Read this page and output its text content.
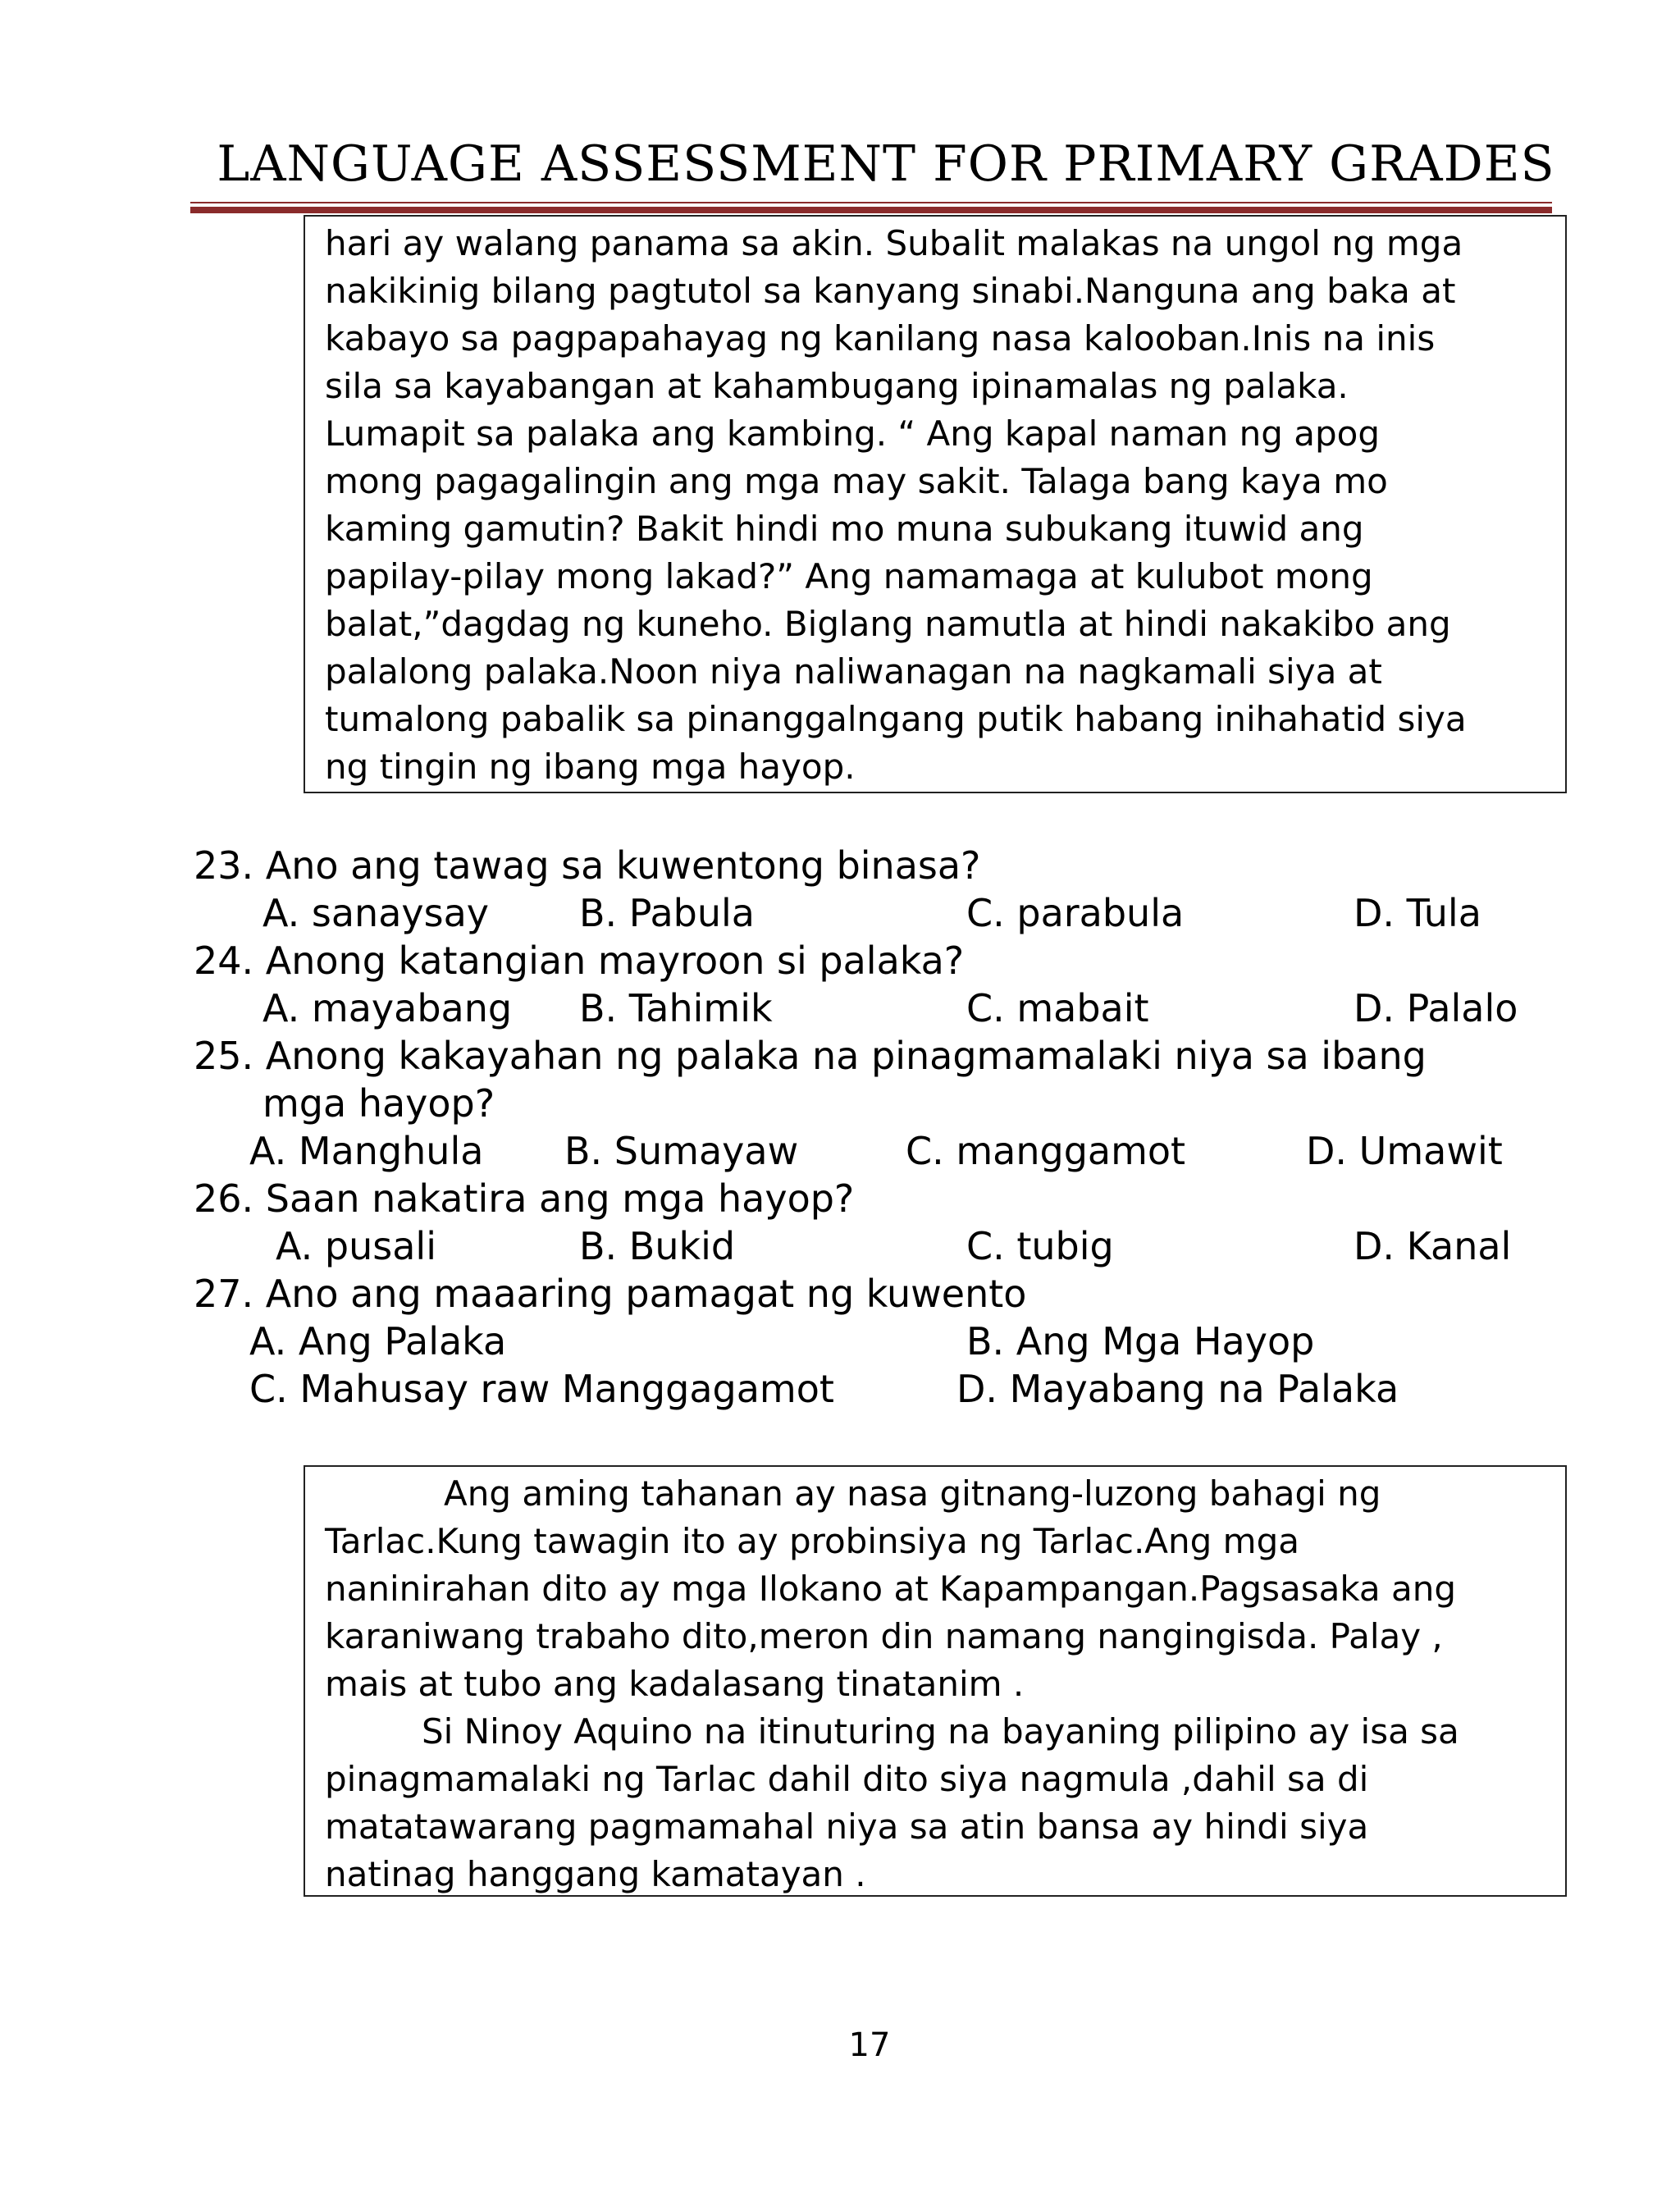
LANGUAGE ASSESSMENT FOR PRIMARY GRADES

hari ay walang panama sa akin. Subalit malakas na ungol ng mga

nakikinig bilang pagtutol sa kanyang sinabi.Nanguna ang baka at

kabayo sa pagpapahayag ng kanilang nasa kalooban.Inis na inis

sila sa kayabangan at kahambugang ipinamalas ng palaka.

Lumapit sa palaka ang kambing. “ Ang kapal naman ng apog

mong pagagalingin ang mga may sakit. Talaga bang kaya mo

kaming gamutin? Bakit hindi mo muna subukang ituwid ang

papilay-pilay mong lakad?” Ang namamaga at kulubot mong

balat,”dagdag ng kuneho. Biglang namutla at hindi nakakibo ang

palalong palaka.Noon niya naliwanagan na nagkamali siya at

tumalong pabalik sa pinanggalngang putik habang inihahatid siya

ng tingin ng ibang mga hayop.

23. Ano ang tawag sa kuwentong binasa?
A. sanaysay B. Pabula	C. parabula	D. Tula
24. Anong katangian mayroon si palaka?
A. mayabang B. Tahimik	C. mabait	D. Palalo
25. Anong kakayahan ng palaka na pinagmamalaki niya sa ibang
mga hayop?
A. Manghula B. Sumayaw	C. manggamot	D. Umawit
26. Saan nakatira ang mga hayop?
A. pusali	B. Bukid	C. tubig	D. Kanal
27. Ano ang maaaring pamagat ng kuwento
A. Ang Palaka	B. Ang Mga Hayop
C. Mahusay raw Manggagamot	D. Mayabang na Palaka

Ang aming tahanan ay nasa gitnang-luzong bahagi ng

Tarlac.Kung tawagin ito ay probinsiya ng Tarlac.Ang mga

naninirahan dito ay mga Ilokano at Kapampangan.Pagsasaka ang

karaniwang trabaho dito,meron din namang nangingisda. Palay ,

mais at tubo ang kadalasang tinatanim .

Si Ninoy Aquino na itinuturing na bayaning pilipino ay isa sa

pinagmamalaki ng Tarlac dahil dito siya nagmula ,dahil sa di

matatawarang pagmamahal niya sa atin bansa ay hindi siya

natinag hanggang kamatayan .

17
